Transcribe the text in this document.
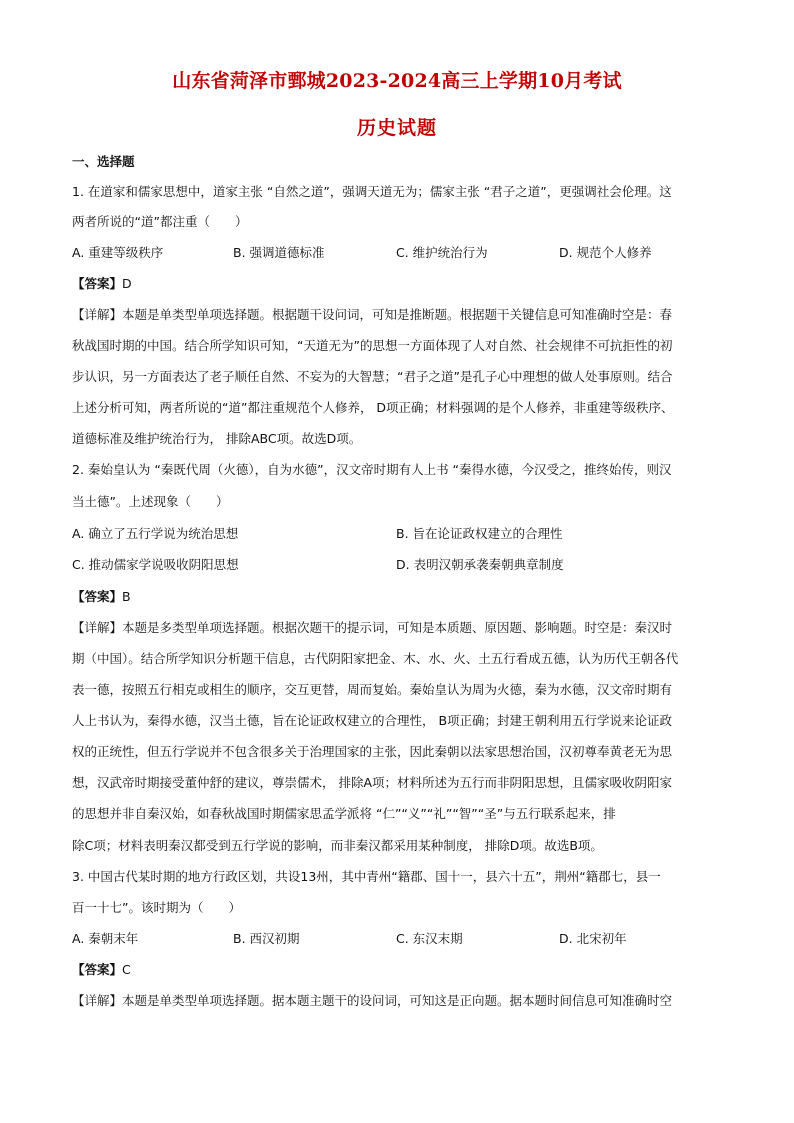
山东省菏泽市鄄城2023-2024高三上学期10月考试
历史试题
一、选择题
1. 在道家和儒家思想中，道家主张 “自然之道”，强调天道无为；儒家主张 “君子之道”，更强调社会伦理。这
两者所说的“道”都注重（　　）
A. 重建等级秩序	B. 强调道德标准	C. 维护统治行为	D. 规范个人修养
【答案】D
【详解】本题是单类型单项选择题。根据题干设问词，可知是推断题。根据题干关键信息可知准确时空是：春
秋战国时期的中国。结合所学知识可知，“天道无为”的思想一方面体现了人对自然、社会规律不可抗拒性的初
步认识，另一方面表达了老子顺任自然、不妄为的大智慧；“君子之道”是孔子心中理想的做人处事原则。结合
上述分析可知，两者所说的“道”都注重规范个人修养， D项正确；材料强调的是个人修养，非重建等级秩序、
道德标准及维护统治行为， 排除ABC项。故选D项。
2. 秦始皇认为 “秦既代周（火德），自为水德”，汉文帝时期有人上书 “秦得水德，今汉受之，推终始传，则汉
当土德”。上述现象（　　）
A. 确立了五行学说为统治思想	B. 旨在论证政权建立的合理性
C. 推动儒家学说吸收阴阳思想	D. 表明汉朝承袭秦朝典章制度
【答案】B
【详解】本题是多类型单项选择题。根据次题干的提示词，可知是本质题、原因题、影响题。时空是：秦汉时
期（中国）。结合所学知识分析题干信息，古代阴阳家把金、木、水、火、土五行看成五德，认为历代王朝各代
表一德，按照五行相克或相生的顺序，交互更替，周而复始。秦始皇认为周为火德，秦为水德，汉文帝时期有
人上书认为，秦得水德，汉当土德，旨在论证政权建立的合理性， B项正确；封建王朝利用五行学说来论证政
权的正统性，但五行学说并不包含很多关于治理国家的主张，因此秦朝以法家思想治国，汉初尊奉黄老无为思
想，汉武帝时期接受董仲舒的建议，尊崇儒术， 排除A项；材料所述为五行而非阴阳思想，且儒家吸收阴阳家
的思想并非自秦汉始，如春秋战国时期儒家思孟学派将 “仁”“义”“礼”“智”“圣”与五行联系起来，排
除C项；材料表明秦汉都受到五行学说的影响，而非秦汉都采用某种制度， 排除D项。故选B项。
3. 中国古代某时期的地方行政区划，共设13州，其中青州“籍郡、国十一，县六十五”，荆州“籍郡七，县一
百一十七”。该时期为（　　）
A. 秦朝末年	B. 西汉初期	C. 东汉末期	D. 北宋初年
【答案】C
【详解】本题是单类型单项选择题。据本题主题干的设问词，可知这是正向题。据本题时间信息可知准确时空
